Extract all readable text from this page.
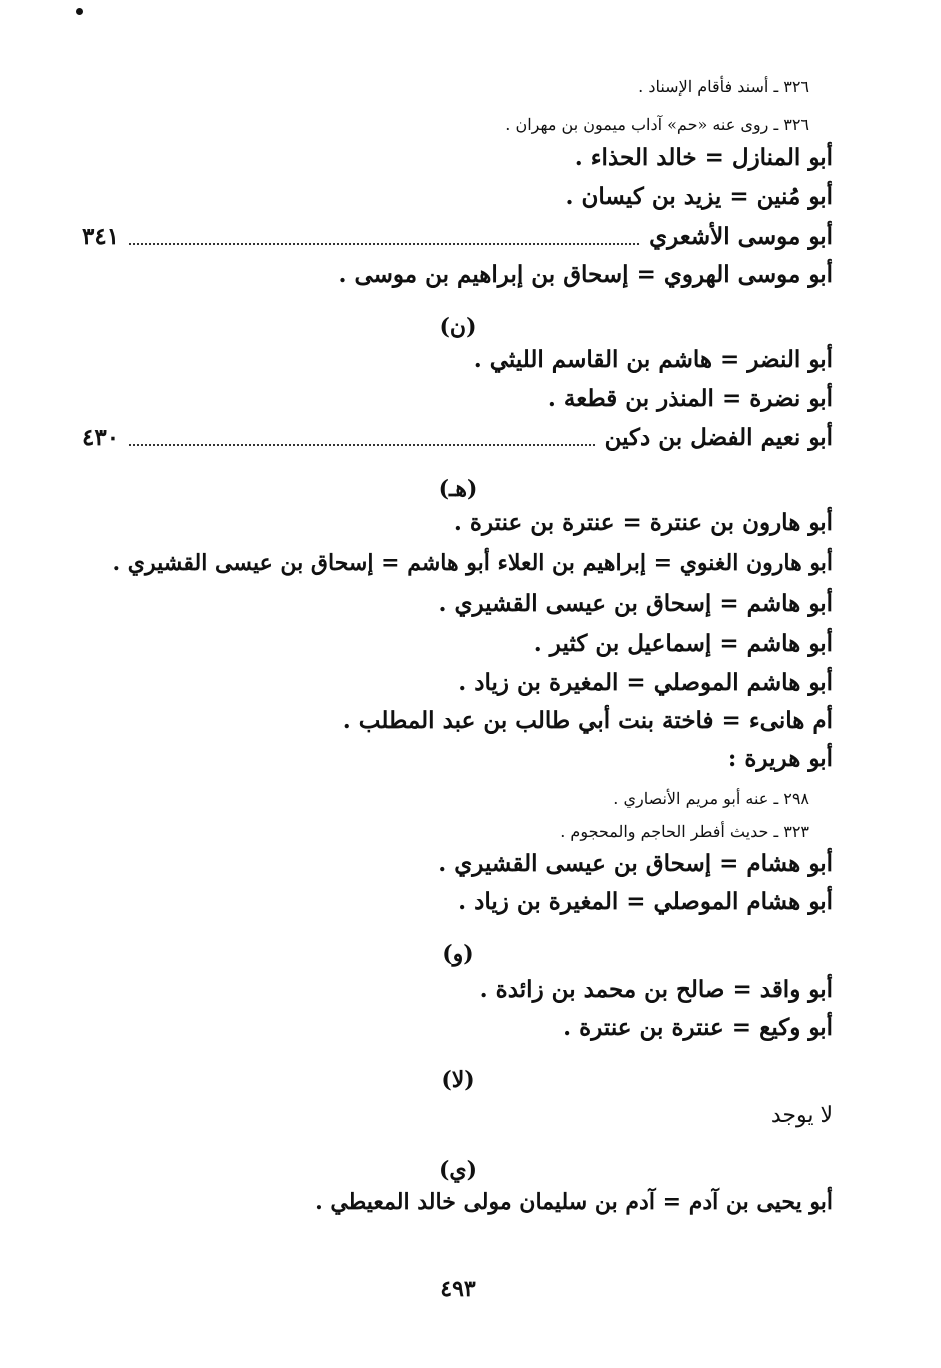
٣٢٦ ـ أسند فأقام الإسناد .
٣٢٦ ـ روى عنه «حم» آداب ميمون بن مهران .
أبو المنازل = خالد الحذاء .
أبو مُنين = يزيد بن كيسان .
أبو موسى الأشعري
٣٤١
أبو موسى الهروي = إسحاق بن إبراهيم بن موسى .
(ن)
أبو النضر = هاشم بن القاسم الليثي .
أبو نضرة = المنذر بن قطعة .
أبو نعيم الفضل بن دكين
٤٣٠
(هـ)
أبو هارون بن عنترة = عنترة بن عنترة .
أبو هارون الغنوي = إبراهيم بن العلاء أبو هاشم = إسحاق بن عيسى القشيري .
أبو هاشم = إسحاق بن عيسى القشيري .
أبو هاشم = إسماعيل بن كثير .
أبو هاشم الموصلي = المغيرة بن زياد .
أم هانىء = فاختة بنت أبي طالب بن عبد المطلب .
أبو هريرة :
٢٩٨ ـ عنه أبو مريم الأنصاري .
٣٢٣ ـ حديث أفطر الحاجم والمحجوم .
أبو هشام = إسحاق بن عيسى القشيري .
أبو هشام الموصلي = المغيرة بن زياد .
(و)
أبو واقد = صالح بن محمد بن زائدة .
أبو وكيع = عنترة بن عنترة .
(لا)
لا يوجد
(ي)
أبو يحيى بن آدم = آدم بن سليمان مولى خالد المعيطي .
٤٩٣
